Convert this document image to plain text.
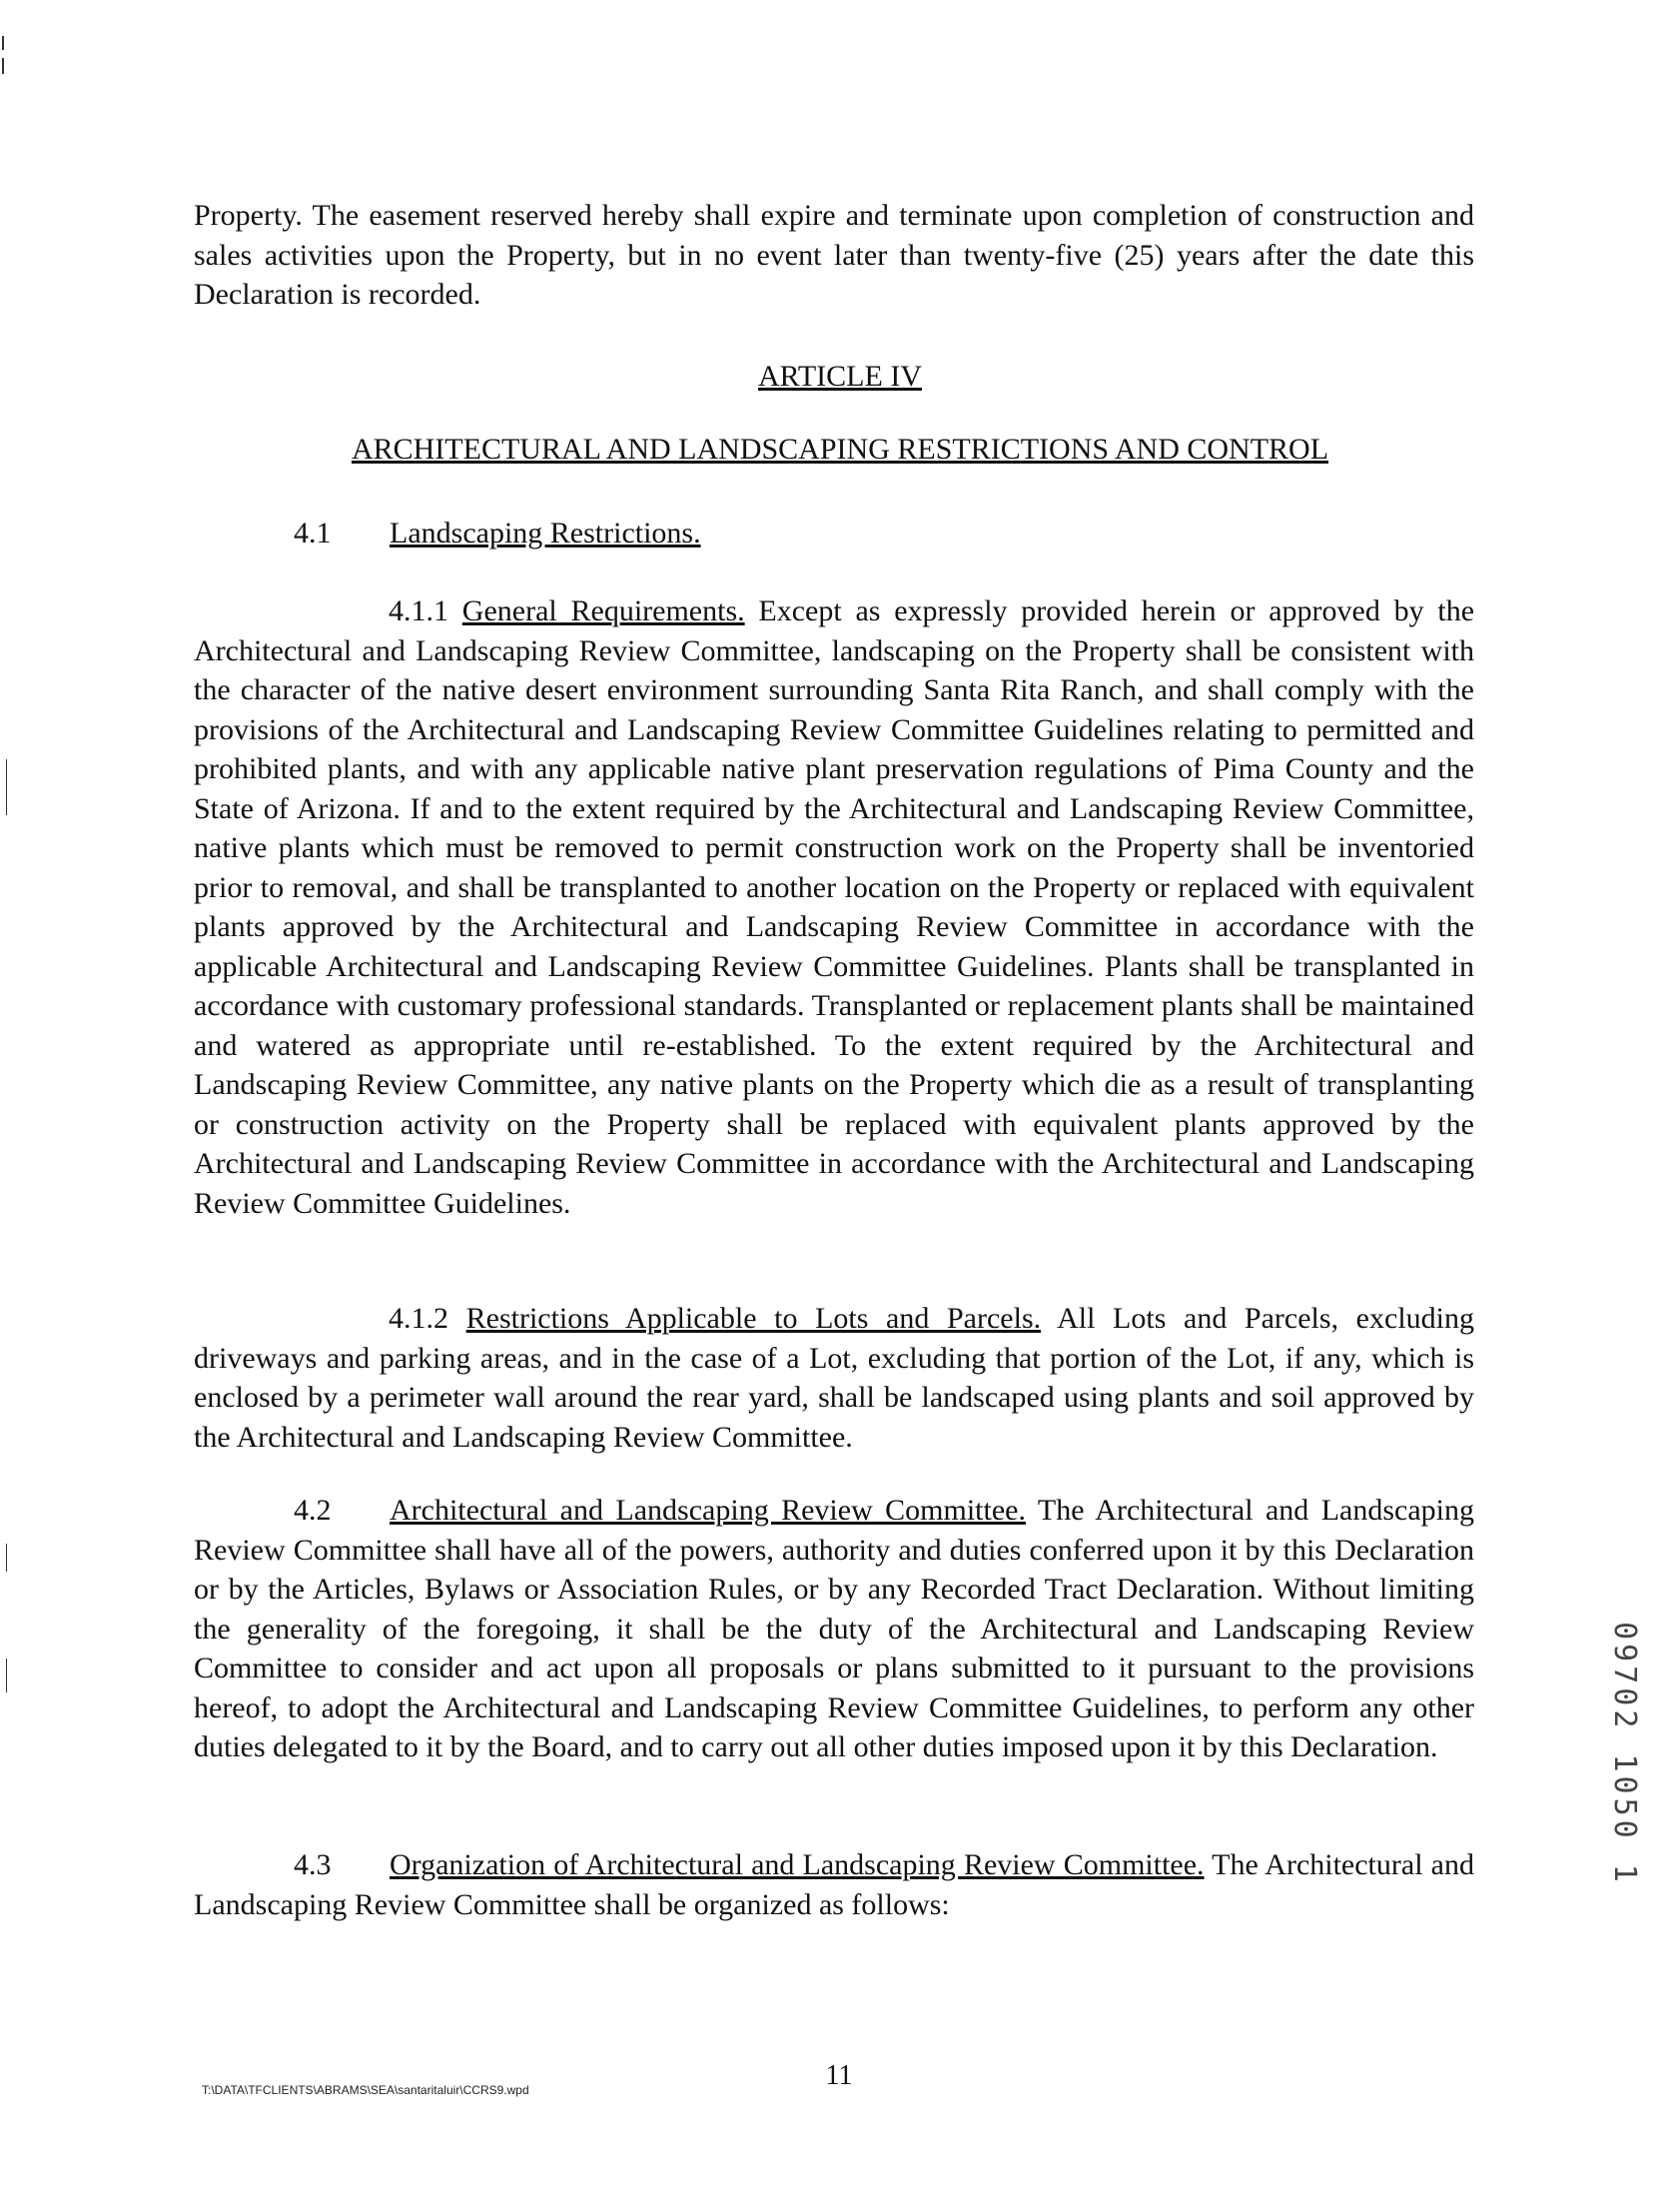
Property. The easement reserved hereby shall expire and terminate upon completion of construction and sales activities upon the Property, but in no event later than twenty-five (25) years after the date this Declaration is recorded.
ARTICLE IV
ARCHITECTURAL AND LANDSCAPING RESTRICTIONS AND CONTROL
4.1 Landscaping Restrictions.
4.1.1 General Requirements. Except as expressly provided herein or approved by the Architectural and Landscaping Review Committee, landscaping on the Property shall be consistent with the character of the native desert environment surrounding Santa Rita Ranch, and shall comply with the provisions of the Architectural and Landscaping Review Committee Guidelines relating to permitted and prohibited plants, and with any applicable native plant preservation regulations of Pima County and the State of Arizona. If and to the extent required by the Architectural and Landscaping Review Committee, native plants which must be removed to permit construction work on the Property shall be inventoried prior to removal, and shall be transplanted to another location on the Property or replaced with equivalent plants approved by the Architectural and Landscaping Review Committee in accordance with the applicable Architectural and Landscaping Review Committee Guidelines. Plants shall be transplanted in accordance with customary professional standards. Transplanted or replacement plants shall be maintained and watered as appropriate until re-established. To the extent required by the Architectural and Landscaping Review Committee, any native plants on the Property which die as a result of transplanting or construction activity on the Property shall be replaced with equivalent plants approved by the Architectural and Landscaping Review Committee in accordance with the Architectural and Landscaping Review Committee Guidelines.
4.1.2 Restrictions Applicable to Lots and Parcels. All Lots and Parcels, excluding driveways and parking areas, and in the case of a Lot, excluding that portion of the Lot, if any, which is enclosed by a perimeter wall around the rear yard, shall be landscaped using plants and soil approved by the Architectural and Landscaping Review Committee.
4.2 Architectural and Landscaping Review Committee. The Architectural and Landscaping Review Committee shall have all of the powers, authority and duties conferred upon it by this Declaration or by the Articles, Bylaws or Association Rules, or by any Recorded Tract Declaration. Without limiting the generality of the foregoing, it shall be the duty of the Architectural and Landscaping Review Committee to consider and act upon all proposals or plans submitted to it pursuant to the provisions hereof, to adopt the Architectural and Landscaping Review Committee Guidelines, to perform any other duties delegated to it by the Board, and to carry out all other duties imposed upon it by this Declaration.
4.3 Organization of Architectural and Landscaping Review Committee. The Architectural and Landscaping Review Committee shall be organized as follows:
09702 1050 1
T:\DATA\TFCLIENTS\ABRAMS\SEA\santaritaluir\CCRS9.wpd	11
